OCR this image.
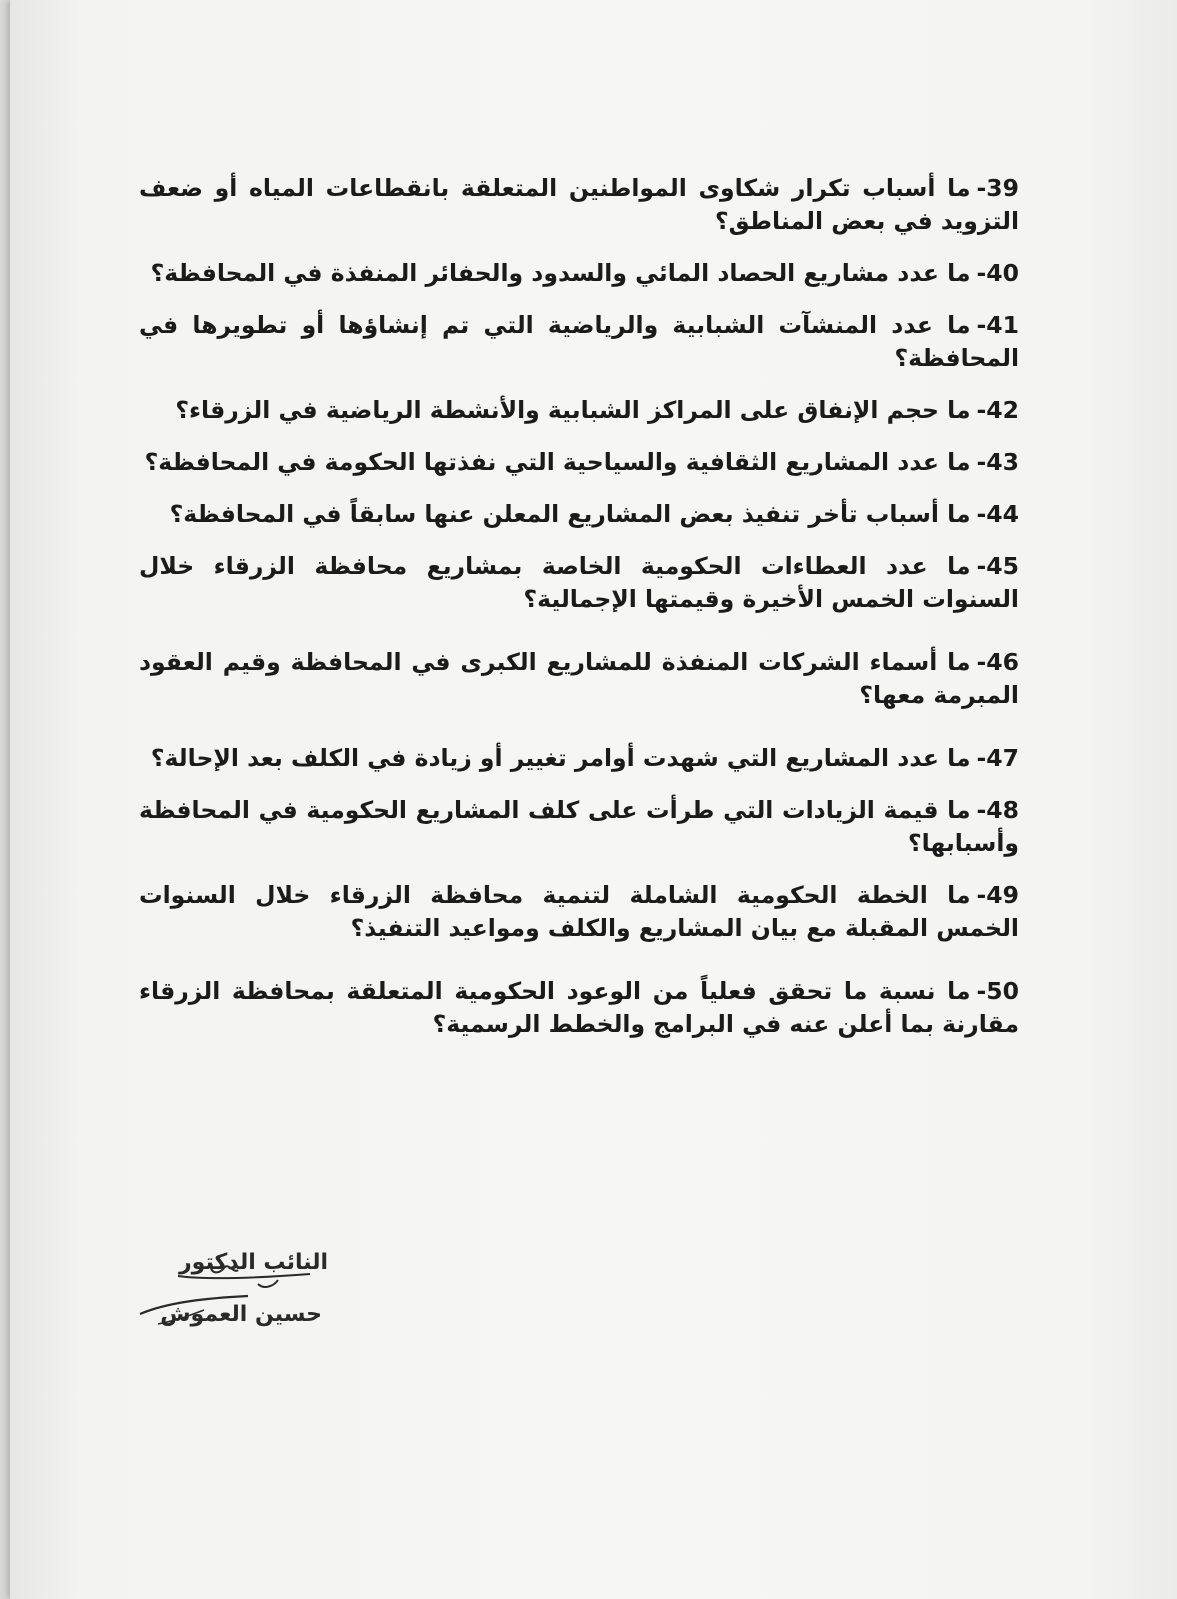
39-ما أسباب تكرار شكاوى المواطنين المتعلقة بانقطاعات المياه أو ضعف التزويد في بعض المناطق؟

40-ما عدد مشاريع الحصاد المائي والسدود والحفائر المنفذة في المحافظة؟

41-ما عدد المنشآت الشبابية والرياضية التي تم إنشاؤها أو تطويرها في المحافظة؟

42-ما حجم الإنفاق على المراكز الشبابية والأنشطة الرياضية في الزرقاء؟

43-ما عدد المشاريع الثقافية والسياحية التي نفذتها الحكومة في المحافظة؟

44-ما أسباب تأخر تنفيذ بعض المشاريع المعلن عنها سابقاً في المحافظة؟

45-ما عدد العطاءات الحكومية الخاصة بمشاريع محافظة الزرقاء خلال السنوات الخمس الأخيرة وقيمتها الإجمالية؟

46-ما أسماء الشركات المنفذة للمشاريع الكبرى في المحافظة وقيم العقود المبرمة معها؟

47-ما عدد المشاريع التي شهدت أوامر تغيير أو زيادة في الكلف بعد الإحالة؟

48-ما قيمة الزيادات التي طرأت على كلف المشاريع الحكومية في المحافظة وأسبابها؟

49-ما الخطة الحكومية الشاملة لتنمية محافظة الزرقاء خلال السنوات الخمس المقبلة مع بيان المشاريع والكلف ومواعيد التنفيذ؟

50-ما نسبة ما تحقق فعلياً من الوعود الحكومية المتعلقة بمحافظة الزرقاء مقارنة بما أعلن عنه في البرامج والخطط الرسمية؟

النائب الدكتور
حسين العموش
